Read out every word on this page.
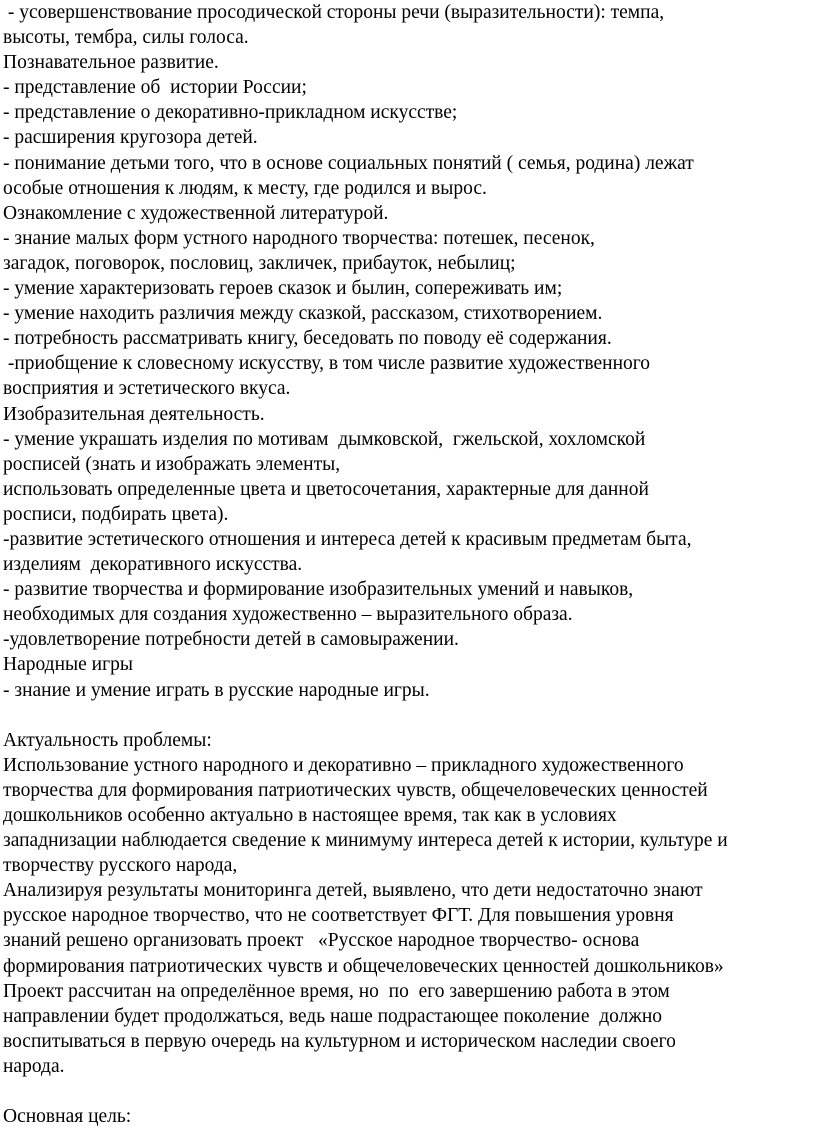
- усовершенствование просодической стороны речи (выразительности): темпа,
высоты, тембра, силы голоса.
Познавательное развитие.
- представление об  истории России;
- представление о декоративно-прикладном искусстве;
- расширения кругозора детей.
- понимание детьми того, что в основе социальных понятий ( семья, родина) лежат
особые отношения к людям, к месту, где родился и вырос.
Ознакомление с художественной литературой.
- знание малых форм устного народного творчества: потешек, песенок,
загадок, поговорок, пословиц, закличек, прибауток, небылиц;
- умение характеризовать героев сказок и былин, сопереживать им;
- умение находить различия между сказкой, рассказом, стихотворением.
- потребность рассматривать книгу, беседовать по поводу её содержания.
-приобщение к словесному искусству, в том числе развитие художественного
восприятия и эстетического вкуса.
Изобразительная деятельность.
- умение украшать изделия по мотивам  дымковской,  гжельской, хохломской
росписей (знать и изображать элементы,
использовать определенные цвета и цветосочетания, характерные для данной
росписи, подбирать цвета).
-развитие эстетического отношения и интереса детей к красивым предметам быта,
изделиям  декоративного искусства.
- развитие творчества и формирование изобразительных умений и навыков,
необходимых для создания художественно – выразительного образа.
-удовлетворение потребности детей в самовыражении.
Народные игры
- знание и умение играть в русские народные игры.
Актуальность проблемы:
Использование устного народного и декоративно – прикладного художественного
творчества для формирования патриотических чувств, общечеловеческих ценностей
дошкольников особенно актуально в настоящее время, так как в условиях
западнизации наблюдается сведение к минимуму интереса детей к истории, культуре и
творчеству русского народа,
Анализируя результаты мониторинга детей, выявлено, что дети недостаточно знают
русское народное творчество, что не соответствует ФГТ. Для повышения уровня
знаний решено организовать проект   «Русское народное творчество- основа
формирования патриотических чувств и общечеловеческих ценностей дошкольников»
Проект рассчитан на определённое время, но  по  его завершению работа в этом
направлении будет продолжаться, ведь наше подрастающее поколение  должно
воспитываться в первую очередь на культурном и историческом наследии своего
народа.
Основная цель:
